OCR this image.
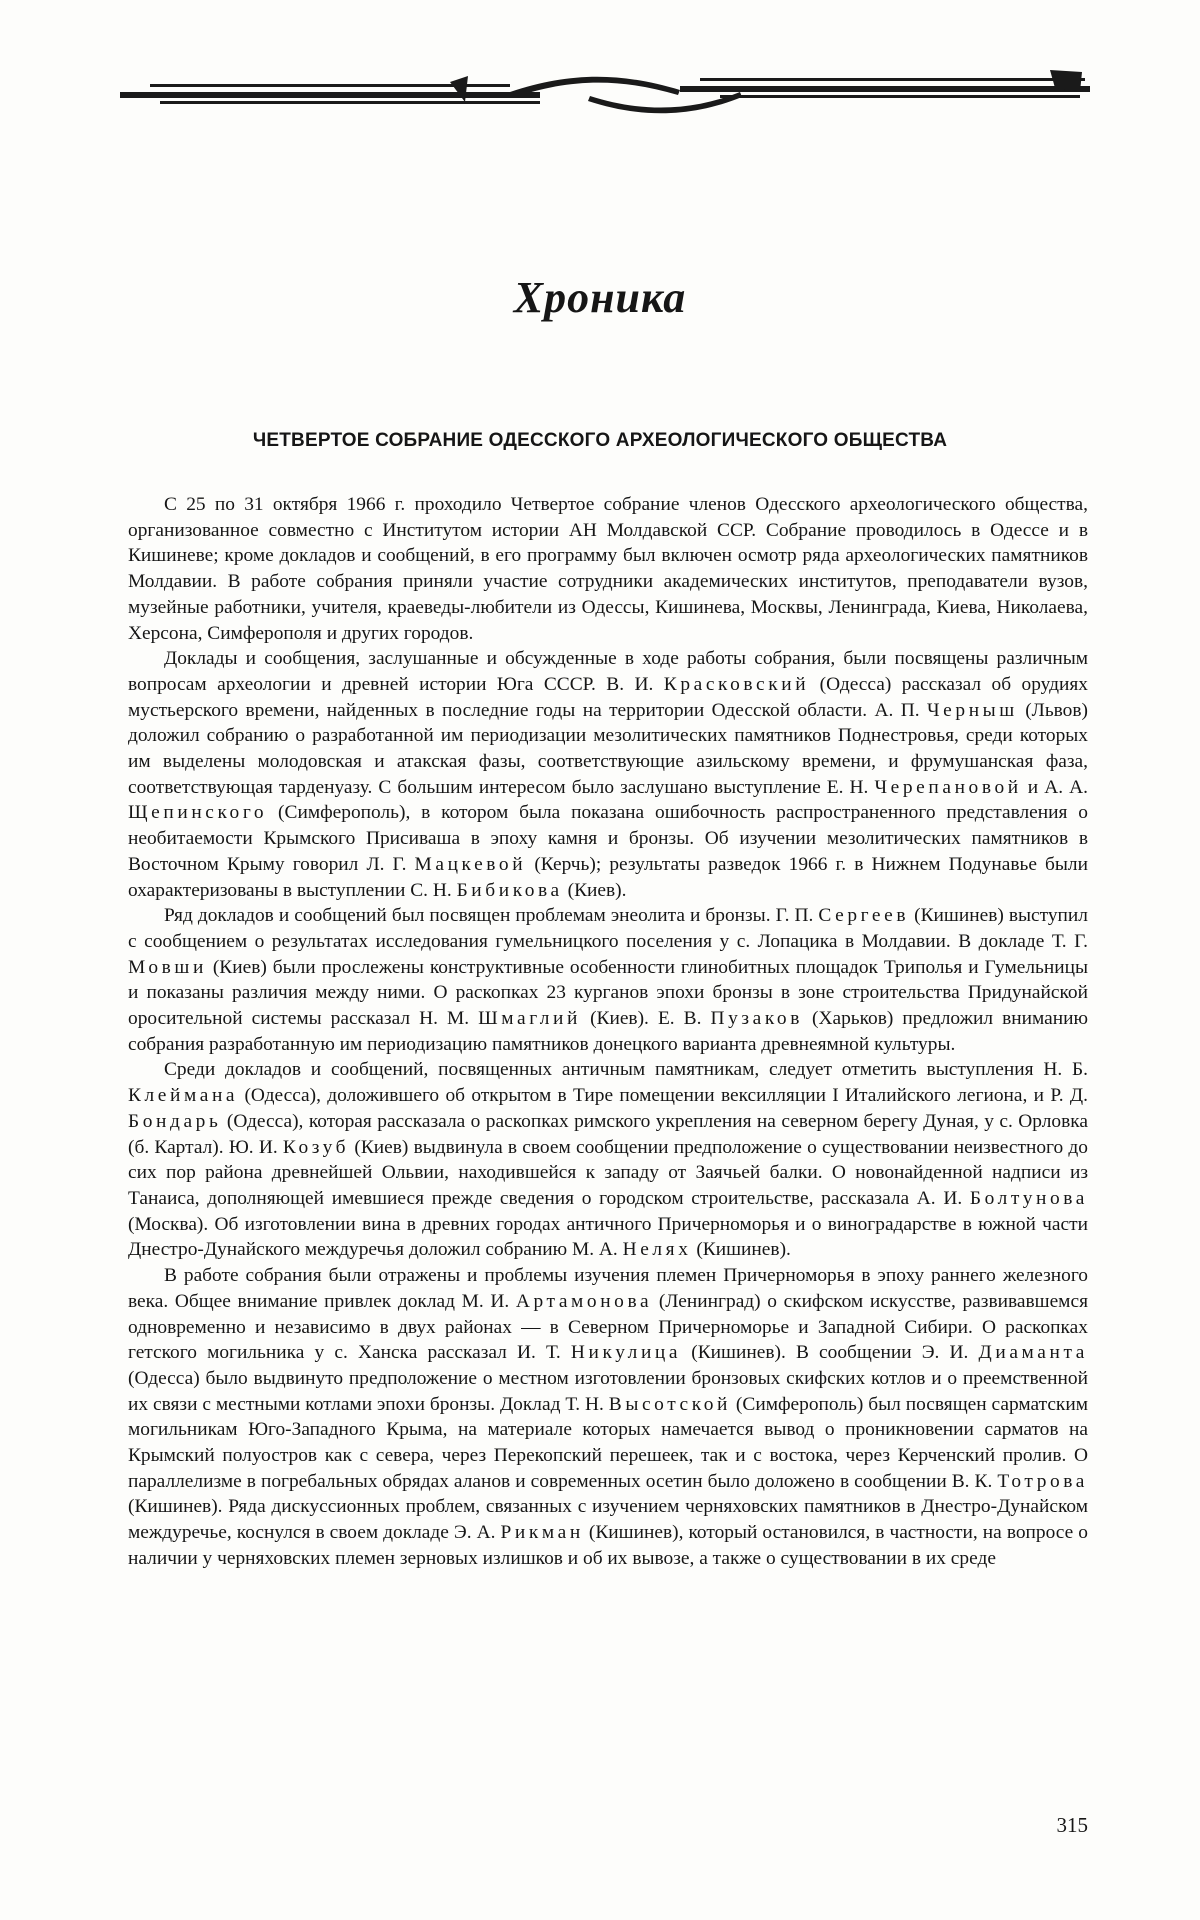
Хроника
ЧЕТВЕРТОЕ СОБРАНИЕ ОДЕССКОГО АРХЕОЛОГИЧЕСКОГО ОБЩЕСТВА

С 25 по 31 октября 1966 г. проходило Четвертое собрание членов Одесского археологического общества, организованное совместно с Институтом истории АН Молдавской ССР. Собрание проводилось в Одессе и в Кишиневе; кроме докладов и сообщений, в его программу был включен осмотр ряда археологических памятников Молдавии. В работе собрания приняли участие сотрудники академических институтов, преподаватели вузов, музейные работники, учителя, краеведы-любители из Одессы, Кишинева, Москвы, Ленинграда, Киева, Николаева, Херсона, Симферополя и других городов.

Доклады и сообщения, заслушанные и обсужденные в ходе работы собрания, были посвящены различным вопросам археологии и древней истории Юга СССР. В. И. Красковский (Одесса) рассказал об орудиях мустьерского времени, найденных в последние годы на территории Одесской области. А. П. Черныш (Львов) доложил собранию о разработанной им периодизации мезолитических памятников Поднестровья, среди которых им выделены молодовская и атакская фазы, соответствующие азильскому времени, и фрумушанская фаза, соответствующая тарденуазу. С большим интересом было заслушано выступление Е. Н. Черепановой и А. А. Щепинского (Симферополь), в котором была показана ошибочность распространенного представления о необитаемости Крымского Присиваша в эпоху камня и бронзы. Об изучении мезолитических памятников в Восточном Крыму говорил Л. Г. Мацкевой (Керчь); результаты разведок 1966 г. в Нижнем Подунавье были охарактеризованы в выступлении С. Н. Бибикова (Киев).

Ряд докладов и сообщений был посвящен проблемам энеолита и бронзы. Г. П. Сергеев (Кишинев) выступил с сообщением о результатах исследования гумельницкого поселения у с. Лопацика в Молдавии. В докладе Т. Г. Мовши (Киев) были прослежены конструктивные особенности глинобитных площадок Триполья и Гумельницы и показаны различия между ними. О раскопках 23 курганов эпохи бронзы в зоне строительства Придунайской оросительной системы рассказал Н. М. Шмаглий (Киев). Е. В. Пузаков (Харьков) предложил вниманию собрания разработанную им периодизацию памятников донецкого варианта древнеямной культуры.

Среди докладов и сообщений, посвященных античным памятникам, следует отметить выступления Н. Б. Клеймана (Одесса), доложившего об открытом в Тире помещении вексилляции I Италийского легиона, и Р. Д. Бондарь (Одесса), которая рассказала о раскопках римского укрепления на северном берегу Дуная, у с. Орловка (б. Картал). Ю. И. Козуб (Киев) выдвинула в своем сообщении предположение о существовании неизвестного до сих пор района древнейшей Ольвии, находившейся к западу от Заячьей балки. О новонайденной надписи из Танаиса, дополняющей имевшиеся прежде сведения о городском строительстве, рассказала А. И. Болтунова (Москва). Об изготовлении вина в древних городах античного Причерноморья и о виноградарстве в южной части Днестро-Дунайского междуречья доложил собранию М. А. Нелях (Кишинев).

В работе собрания были отражены и проблемы изучения племен Причерноморья в эпоху раннего железного века. Общее внимание привлек доклад М. И. Артамонова (Ленинград) о скифском искусстве, развивавшемся одновременно и независимо в двух районах — в Северном Причерноморье и Западной Сибири. О раскопках гетского могильника у с. Ханска рассказал И. Т. Никулица (Кишинев). В сообщении Э. И. Диаманта (Одесса) было выдвинуто предположение о местном изготовлении бронзовых скифских котлов и о преемственной их связи с местными котлами эпохи бронзы. Доклад Т. Н. Высотской (Симферополь) был посвящен сарматским могильникам Юго-Западного Крыма, на материале которых намечается вывод о проникновении сарматов на Крымский полуостров как с севера, через Перекопский перешеек, так и с востока, через Керченский пролив. О параллелизме в погребальных обрядах аланов и современных осетин было доложено в сообщении В. К. Тотрова (Кишинев). Ряда дискуссионных проблем, связанных с изучением черняховских памятников в Днестро-Дунайском междуречье, коснулся в своем докладе Э. А. Рикман (Кишинев), который остановился, в частности, на вопросе о наличии у черняховских племен зерновых излишков и об их вывозе, а также о существовании в их среде

315
